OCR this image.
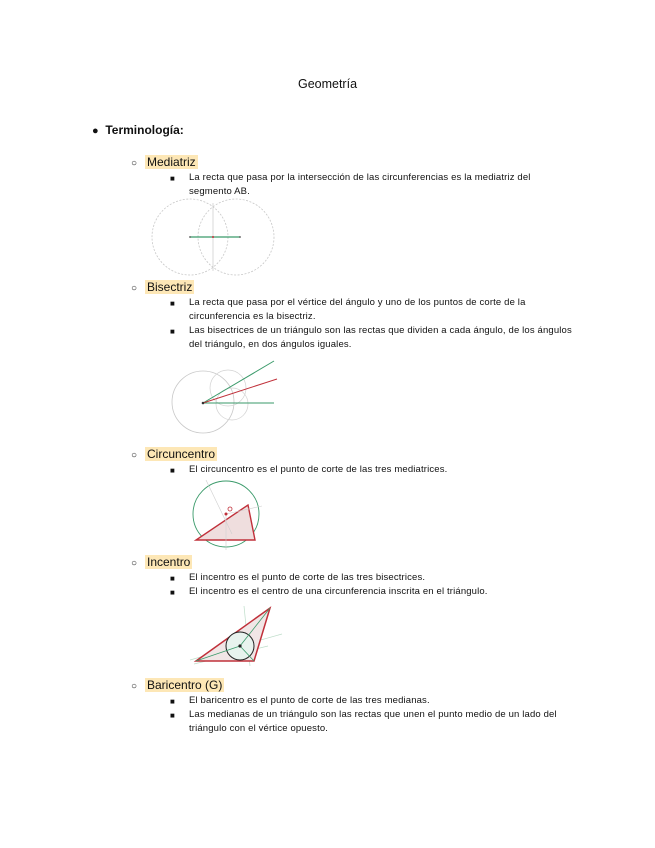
Geometría
● Terminología:
○ Mediatriz
■ La recta que pasa por la intersección de las circunferencias es la mediatriz del segmento AB.
○ Bisectriz
■ La recta que pasa por el vértice del ángulo y uno de los puntos de corte de la circunferencia es la bisectriz.
■ Las bisectrices de un triángulo son las rectas que dividen a cada ángulo, de los ángulos del triángulo, en dos ángulos iguales.
○ Circuncentro
■ El circuncentro es el punto de corte de las tres mediatrices.
○ Incentro
■ El incentro es el punto de corte de las tres bisectrices.
■ El incentro es el centro de una circunferencia inscrita en el triángulo.
○ Baricentro (G)
■ El baricentro es el punto de corte de las tres medianas.
■ Las medianas de un triángulo son las rectas que unen el punto medio de un lado del triángulo con el vértice opuesto.
